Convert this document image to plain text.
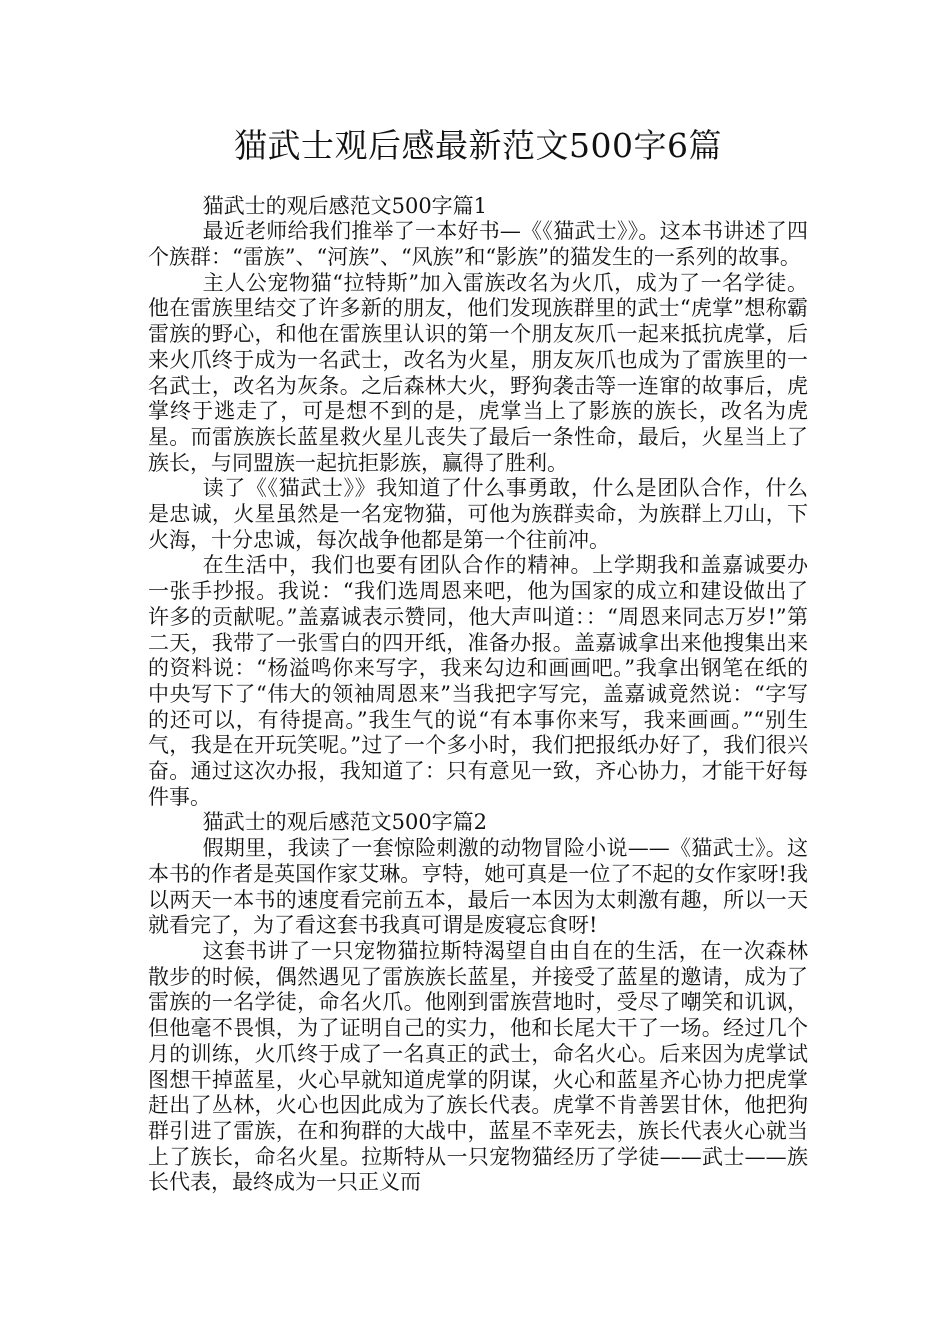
猫武士观后感最新范文500字6篇

猫武士的观后感范文500字篇1

最近老师给我们推举了一本好书—《《猫武士》》。这本书讲述了四个族群：“雷族”、“河族”、“风族”和“影族”的猫发生的一系列的故事。

主人公宠物猫“拉特斯”加入雷族改名为火爪，成为了一名学徒。他在雷族里结交了许多新的朋友，他们发现族群里的武士“虎掌”想称霸雷族的野心，和他在雷族里认识的第一个朋友灰爪一起来抵抗虎掌，后来火爪终于成为一名武士，改名为火星，朋友灰爪也成为了雷族里的一名武士，改名为灰条。之后森林大火，野狗袭击等一连窜的故事后，虎掌终于逃走了，可是想不到的是，虎掌当上了影族的族长，改名为虎星。而雷族族长蓝星救火星儿丧失了最后一条性命，最后，火星当上了族长，与同盟族一起抗拒影族，赢得了胜利。

读了《《猫武士》》我知道了什么事勇敢，什么是团队合作，什么是忠诚，火星虽然是一名宠物猫，可他为族群卖命，为族群上刀山，下火海，十分忠诚，每次战争他都是第一个往前冲。

在生活中，我们也要有团队合作的精神。上学期我和盖嘉诚要办一张手抄报。我说：“我们选周恩来吧，他为国家的成立和建设做出了许多的贡献呢。”盖嘉诚表示赞同，他大声叫道：：“周恩来同志万岁!”第二天，我带了一张雪白的四开纸，准备办报。盖嘉诚拿出来他搜集出来的资料说：“杨溢鸣你来写字，我来勾边和画画吧。”我拿出钢笔在纸的中央写下了“伟大的领袖周恩来”当我把字写完，盖嘉诚竟然说：“字写的还可以，有待提高。”我生气的说“有本事你来写，我来画画。”“别生气，我是在开玩笑呢。”过了一个多小时，我们把报纸办好了，我们很兴奋。通过这次办报，我知道了：只有意见一致，齐心协力，才能干好每件事。

猫武士的观后感范文500字篇2

假期里，我读了一套惊险刺激的动物冒险小说——《猫武士》。这本书的作者是英国作家艾琳。亨特，她可真是一位了不起的女作家呀!我以两天一本书的速度看完前五本，最后一本因为太刺激有趣，所以一天就看完了，为了看这套书我真可谓是废寝忘食呀!

这套书讲了一只宠物猫拉斯特渴望自由自在的生活，在一次森林散步的时候，偶然遇见了雷族族长蓝星，并接受了蓝星的邀请，成为了雷族的一名学徒，命名火爪。他刚到雷族营地时，受尽了嘲笑和讥讽，但他毫不畏惧，为了证明自己的实力，他和长尾大干了一场。经过几个月的训练，火爪终于成了一名真正的武士，命名火心。后来因为虎掌试图想干掉蓝星，火心早就知道虎掌的阴谋，火心和蓝星齐心协力把虎掌赶出了丛林，火心也因此成为了族长代表。虎掌不肯善罢甘休，他把狗群引进了雷族，在和狗群的大战中，蓝星不幸死去，族长代表火心就当上了族长，命名火星。拉斯特从一只宠物猫经历了学徒——武士——族长代表，最终成为一只正义而
